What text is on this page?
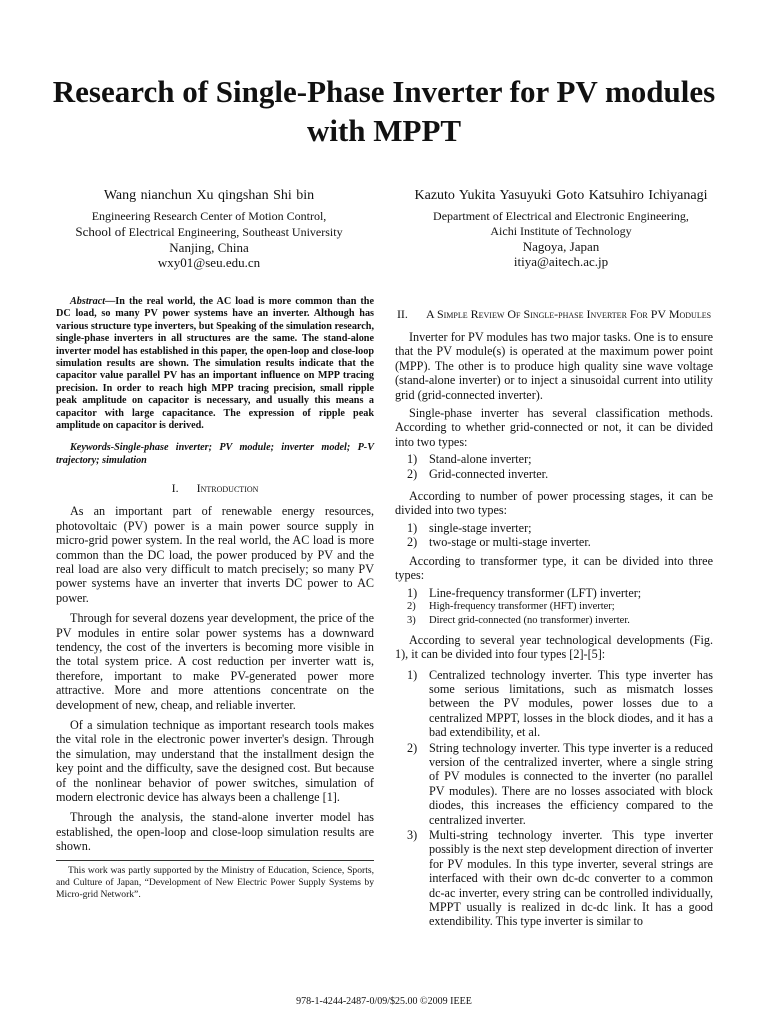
Research of Single-Phase Inverter for PV modules with MPPT
Wang nianchun Xu qingshan Shi bin
Engineering Research Center of Motion Control,
School of Electrical Engineering, Southeast University
Nanjing, China
wxy01@seu.edu.cn
Kazuto Yukita Yasuyuki Goto Katsuhiro Ichiyanagi
Department of Electrical and Electronic Engineering,
Aichi Institute of Technology
Nagoya, Japan
itiya@aitech.ac.jp

Abstract—In the real world, the AC load is more common than the DC load, so many PV power systems have an inverter. Although has various structure type inverters, but Speaking of the simulation research, single-phase inverters in all structures are the same. The stand-alone inverter model has established in this paper, the open-loop and close-loop simulation results are shown. The simulation results indicate that the capacitor value parallel PV has an important influence on MPP tracing precision. In order to reach high MPP tracing precision, small ripple peak amplitude on capacitor is necessary, and usually this means a capacitor with large capacitance. The expression of ripple peak amplitude on capacitor is derived.

Keywords-Single-phase inverter; PV module; inverter model; P-V trajectory; simulation

I. Introduction

As an important part of renewable energy resources, photovoltaic (PV) power is a main power source supply in micro-grid power system. In the real world, the AC load is more common than the DC load, the power produced by PV and the real load are also very difficult to match precisely; so many PV power systems have an inverter that inverts DC power to AC power.

Through for several dozens year development, the price of the PV modules in entire solar power systems has a downward tendency, the cost of the inverters is becoming more visible in the total system price. A cost reduction per inverter watt is, therefore, important to make PV-generated power more attractive. More and more attentions concentrate on the development of new, cheap, and reliable inverter.

Of a simulation technique as important research tools makes the vital role in the electronic power inverter's design. Through the simulation, may understand that the installment design the key point and the difficulty, save the designed cost. But because of the nonlinear behavior of power switches, simulation of modern electronic device has always been a challenge [1].

Through the analysis, the stand-alone inverter model has established, the open-loop and close-loop simulation results are shown.

This work was partly supported by the Ministry of Education, Science, Sports, and Culture of Japan, “Development of New Electric Power Supply Systems by Micro-grid Network”.

II. A Simple Review Of Single-phase Inverter For PV Modules

Inverter for PV modules has two major tasks. One is to ensure that the PV module(s) is operated at the maximum power point (MPP). The other is to produce high quality sine wave voltage (stand-alone inverter) or to inject a sinusoidal current into utility grid (grid-connected inverter).

Single-phase inverter has several classification methods. According to whether grid-connected or not, it can be divided into two types:

1) Stand-alone inverter;
2) Grid-connected inverter.

According to number of power processing stages, it can be divided into two types:

1) single-stage inverter;
2) two-stage or multi-stage inverter.

According to transformer type, it can be divided into three types:

1) Line-frequency transformer (LFT) inverter;
2) High-frequency transformer (HFT) inverter;
3) Direct grid-connected (no transformer) inverter.

According to several year technological developments (Fig. 1), it can be divided into four types [2]-[5]:

1) Centralized technology inverter. This type inverter has some serious limitations, such as mismatch losses between the PV modules, power losses due to a centralized MPPT, losses in the block diodes, and it has a bad extendibility, et al.
2) String technology inverter. This type inverter is a reduced version of the centralized inverter, where a single string of PV modules is connected to the inverter (no parallel PV modules). There are no losses associated with block diodes, this increases the efficiency compared to the centralized inverter.
3) Multi-string technology inverter. This type inverter possibly is the next step development direction of inverter for PV modules. In this type inverter, several strings are interfaced with their own dc-dc converter to a common dc-ac inverter, every string can be controlled individually, MPPT usually is realized in dc-dc link. It has a good extendibility. This type inverter is similar to
978-1-4244-2487-0/09/$25.00 ©2009 IEEE
